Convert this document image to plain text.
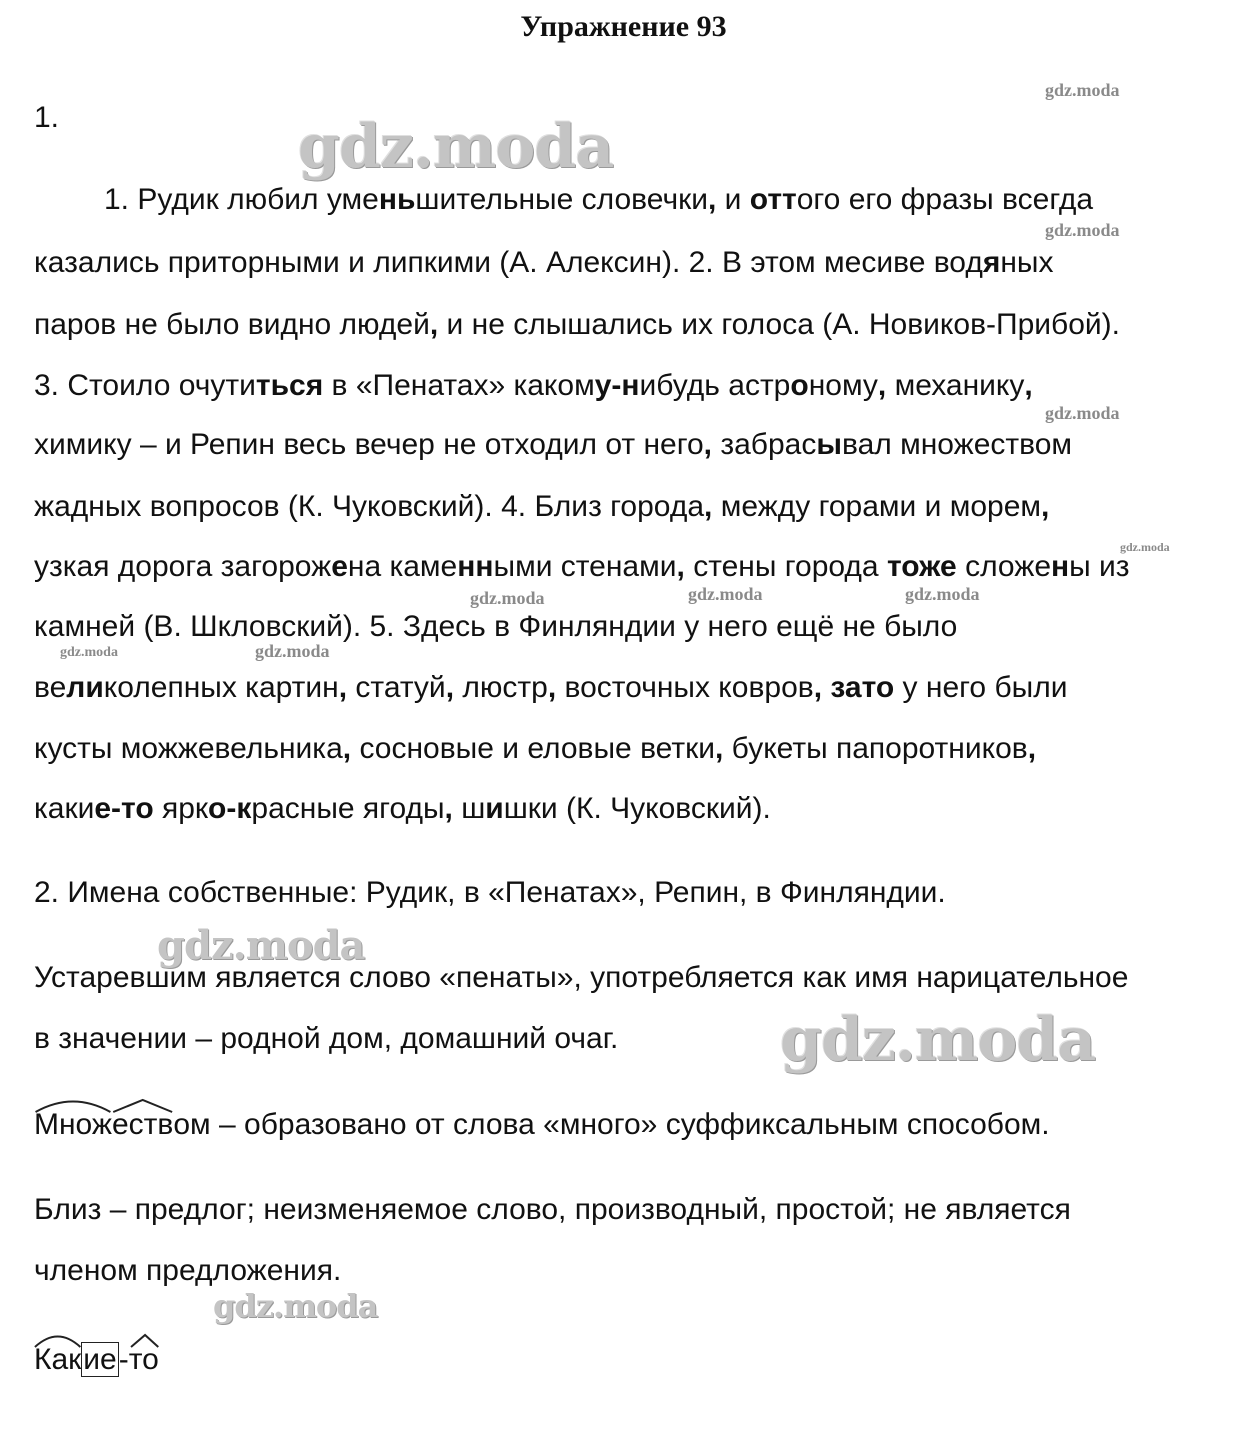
Упражнение 93
gdz.moda
gdz.moda
gdz.moda
gdz.moda
gdz.moda	gdz.moda	gdz.moda
gdz.moda	gdz.moda
gdz.moda
gdz.moda
gdz.moda
gdz.moda
1.
1. Рудик любил уменьшительные словечки, и оттого его фразы всегда
казались приторными и липкими (А. Алексин). 2. В этом месиве водяных
паров не было видно людей, и не слышались их голоса (А. Новиков-Прибой).
3. Стоило очутиться в «Пенатах» какому-нибудь астроному, механику,
химику – и Репин весь вечер не отходил от него, забрасывал множеством
жадных вопросов (К. Чуковский). 4. Близ города, между горами и морем,
узкая дорога загорожена каменными стенами, стены города тоже сложены из
камней (В. Шкловский). 5. Здесь в Финляндии у него ещё не было
великолепных картин, статуй, люстр, восточных ковров, зато у него были
кусты можжевельника, сосновые и еловые ветки, букеты папоротников,
какие-то ярко-красные ягоды, шишки (К. Чуковский).
2. Имена собственные: Рудик, в «Пенатах», Репин, в Финляндии.
Устаревшим является слово «пенаты», употребляется как имя нарицательное
в значении – родной дом, домашний очаг.
Множ
еством – образовано от слова «много» суффиксальным способом.
Близ – предлог; неизменяемое слово, производный, простой; не является
членом предложения.
Какие
-то
